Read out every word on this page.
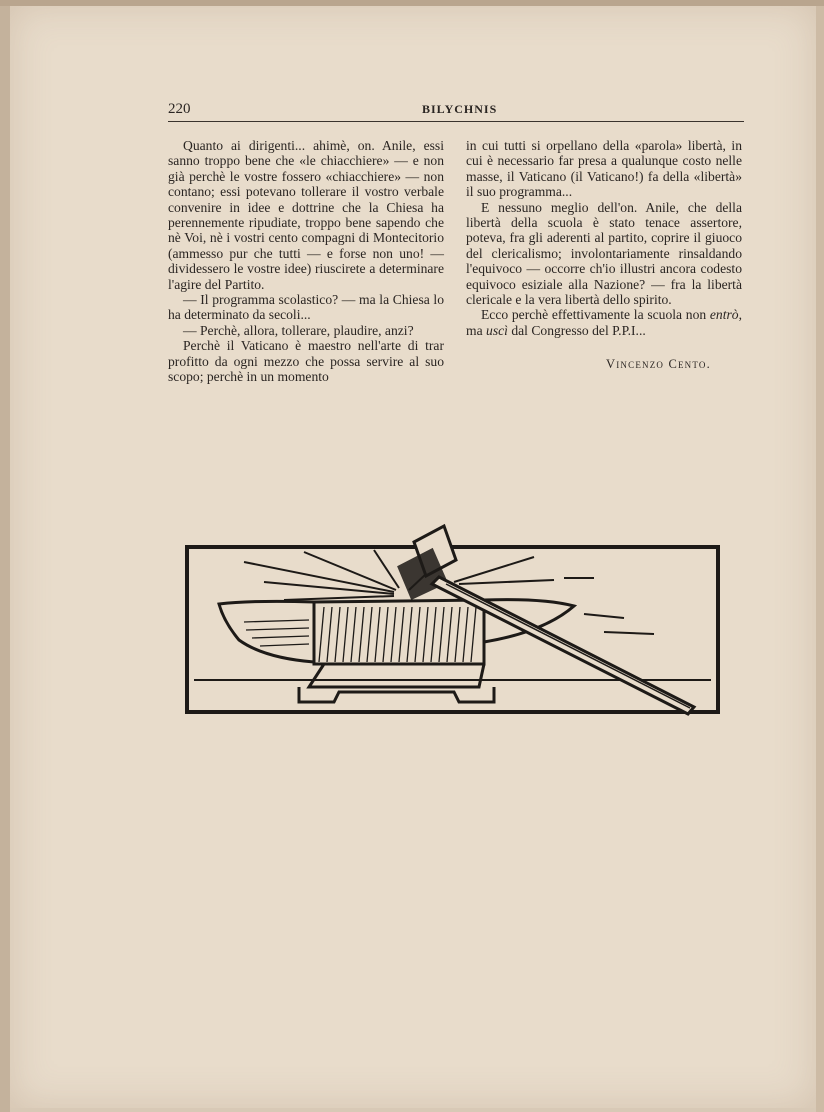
220	BILYCHNIS

Quanto ai dirigenti... ahimè, on. Anile, essi sanno troppo bene che «le chiacchiere» — e non già perchè le vostre fossero «chiacchiere» — non contano; essi potevano tollerare il vostro verbale convenire in idee e dottrine che la Chiesa ha perennemente ripudiate, troppo bene sapendo che nè Voi, nè i vostri cento compagni di Montecitorio (ammesso pur che tutti — e forse non uno! — dividessero le vostre idee) riuscirete a determinare l'agire del Partito.

— Il programma scolastico? — ma la Chiesa lo ha determinato da secoli...

— Perchè, allora, tollerare, plaudire, anzi?

Perchè il Vaticano è maestro nell'arte di trar profitto da ogni mezzo che possa servire al suo scopo; perchè in un momento

in cui tutti si orpellano della «parola» libertà, in cui è necessario far presa a qualunque costo nelle masse, il Vaticano (il Vaticano!) fa della «libertà» il suo programma...

E nessuno meglio dell'on. Anile, che della libertà della scuola è stato tenace assertore, poteva, fra gli aderenti al partito, coprire il giuoco del clericalismo; involontariamente rinsaldando l'equivoco — occorre ch'io illustri ancora codesto equivoco esiziale alla Nazione? — fra la libertà clericale e la vera libertà dello spirito.

Ecco perchè effettivamente la scuola non entrò, ma uscì dal Congresso del P.P.I...

Vincenzo Cento.
